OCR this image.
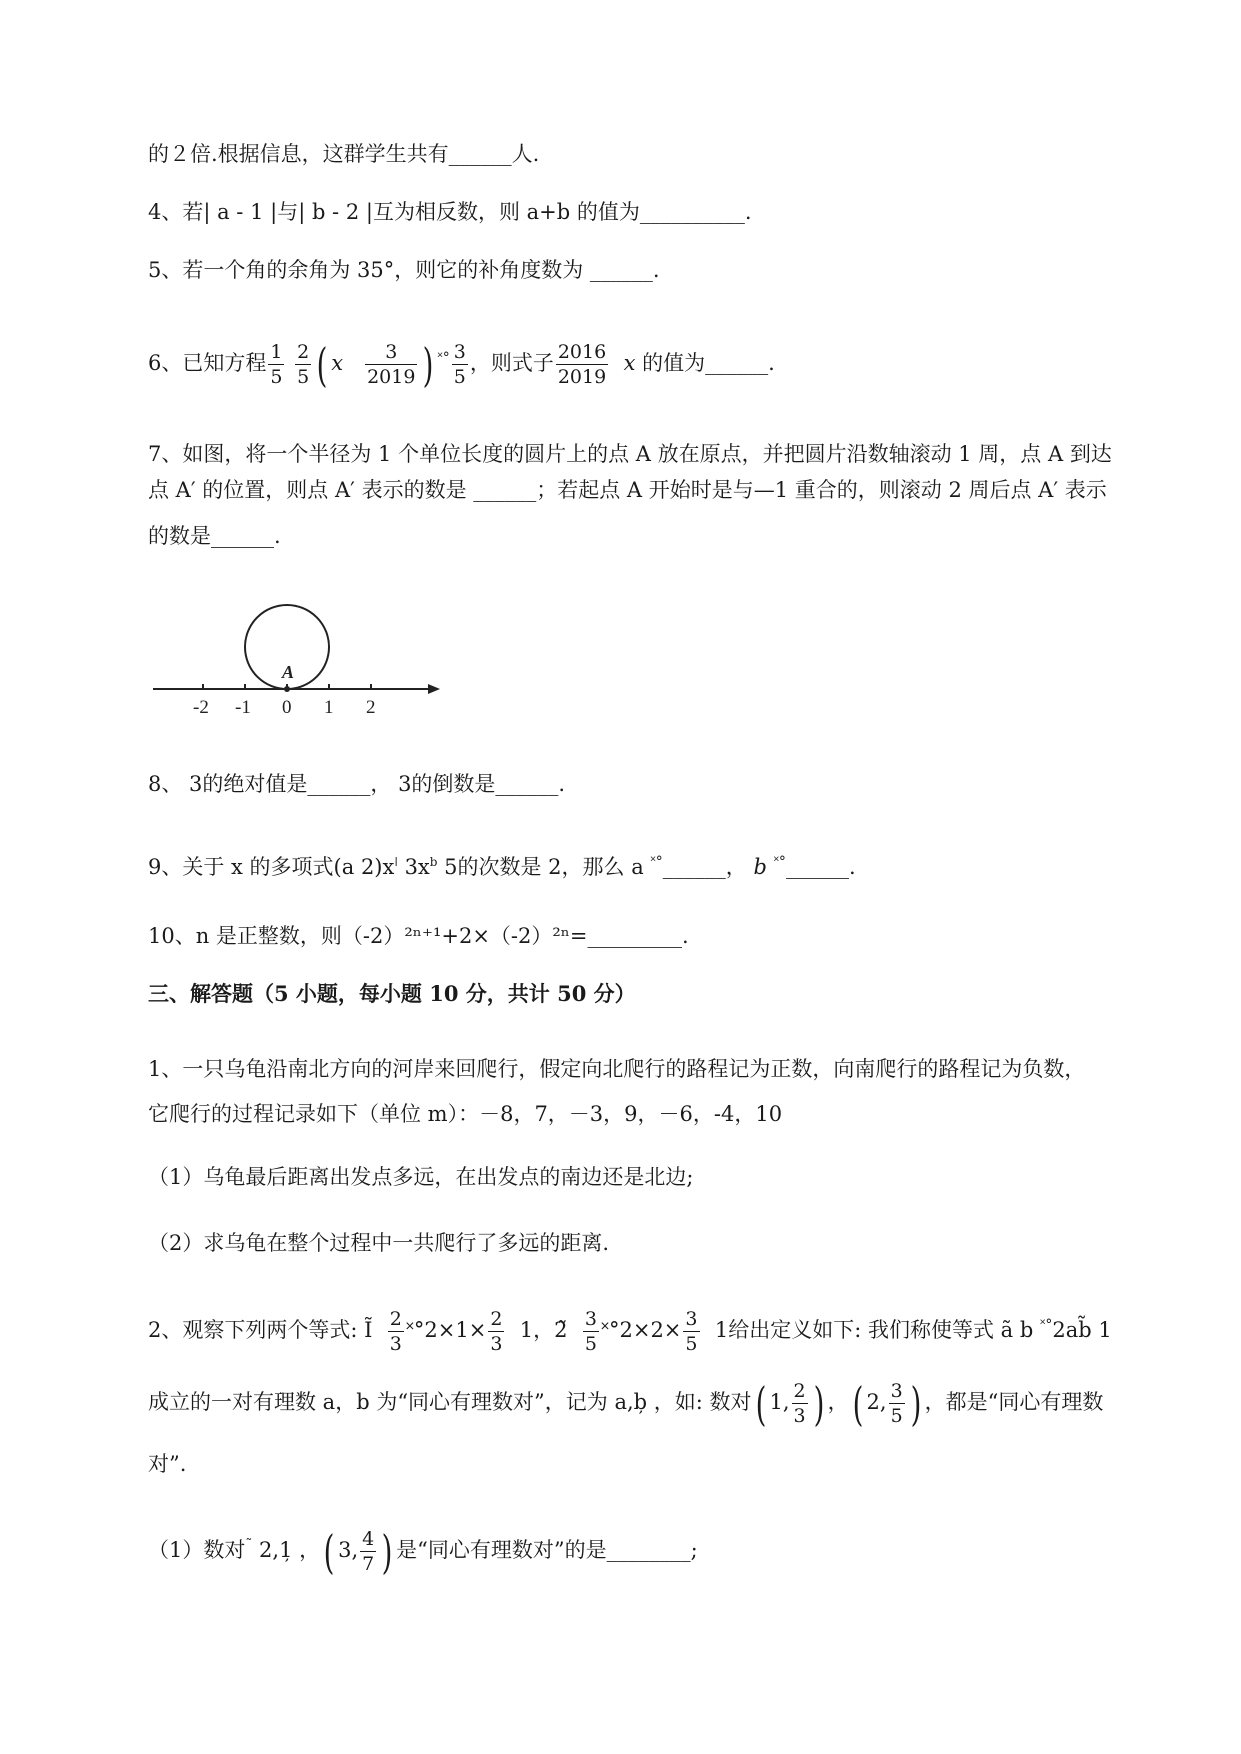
的２倍.根据信息，这群学生共有______人.
4、若| a - 1 |与| b - 2 |互为相反数，则 a+b 的值为__________.
5、若一个角的余角为 35°，则它的补角度数为 ______.
6、已知方程 $\frac{1}{5}$
$\frac{2}{5}$ ( x $\frac{3}{2019}$ ) $^{˟^\circ} \frac{3}{5}$ ，则式子 $\frac{2016}{2019}$ x 的值为______.
7、如图，将一个半径为 1 个单位长度的圆片上的点 A 放在原点，并把圆片沿数轴滚动 1 周，点 A 到达
点 A′ 的位置，则点 A′ 表示的数是 ______；若起点 A 开始时是与—1 重合的，则滚动 2 周后点 A′ 表示
的数是______.
A
-2 -1 0 1 2
8、 3的绝对值是______， 3的倒数是______.
9、关于 x 的多项式(a $2)x^ǀ$ $3x^b$ 5的次数是 2，那么 a ˟°______， b ˟°______.
10、n 是正整数，则（-2）²ⁿ⁺¹+2×（-2）²ⁿ=_________.
三、解答题（5 小题，每小题 10 分，共计 50 分）
1、一只乌龟沿南北方向的河岸来回爬行，假定向北爬行的路程记为正数，向南爬行的路程记为负数，
它爬行的过程记录如下（单位 m）：－8，7，－3，9，－6，-4，10
（1）乌龟最后距离出发点多远，在出发点的南边还是北边;
（2）求乌龟在整个过程中一共爬行了多远的距离.
2、观察下列两个等式: Ĩ $\frac{2}{3}$ ˟°2×1× $\frac{2}{3} 1$，2̃ $\frac{3}{5}$ ˟°2×2× $\frac{3}{5} 1$给出定义如下: 我们称使等式 ã b ˟°2ab̃ 1
成立的一对有理数 a，b 为“同心有理数对”，记为 a,b̦ ，如: 数对( 1, $\frac{2}{3}$ ) ，( 2, $\frac{3}{5}$ ) ，都是“同心有理数
对”.
（1）数对˜ 2,1̦ ，( 3, $\frac{4}{7}$ ) 是“同心有理数对”的是________;
